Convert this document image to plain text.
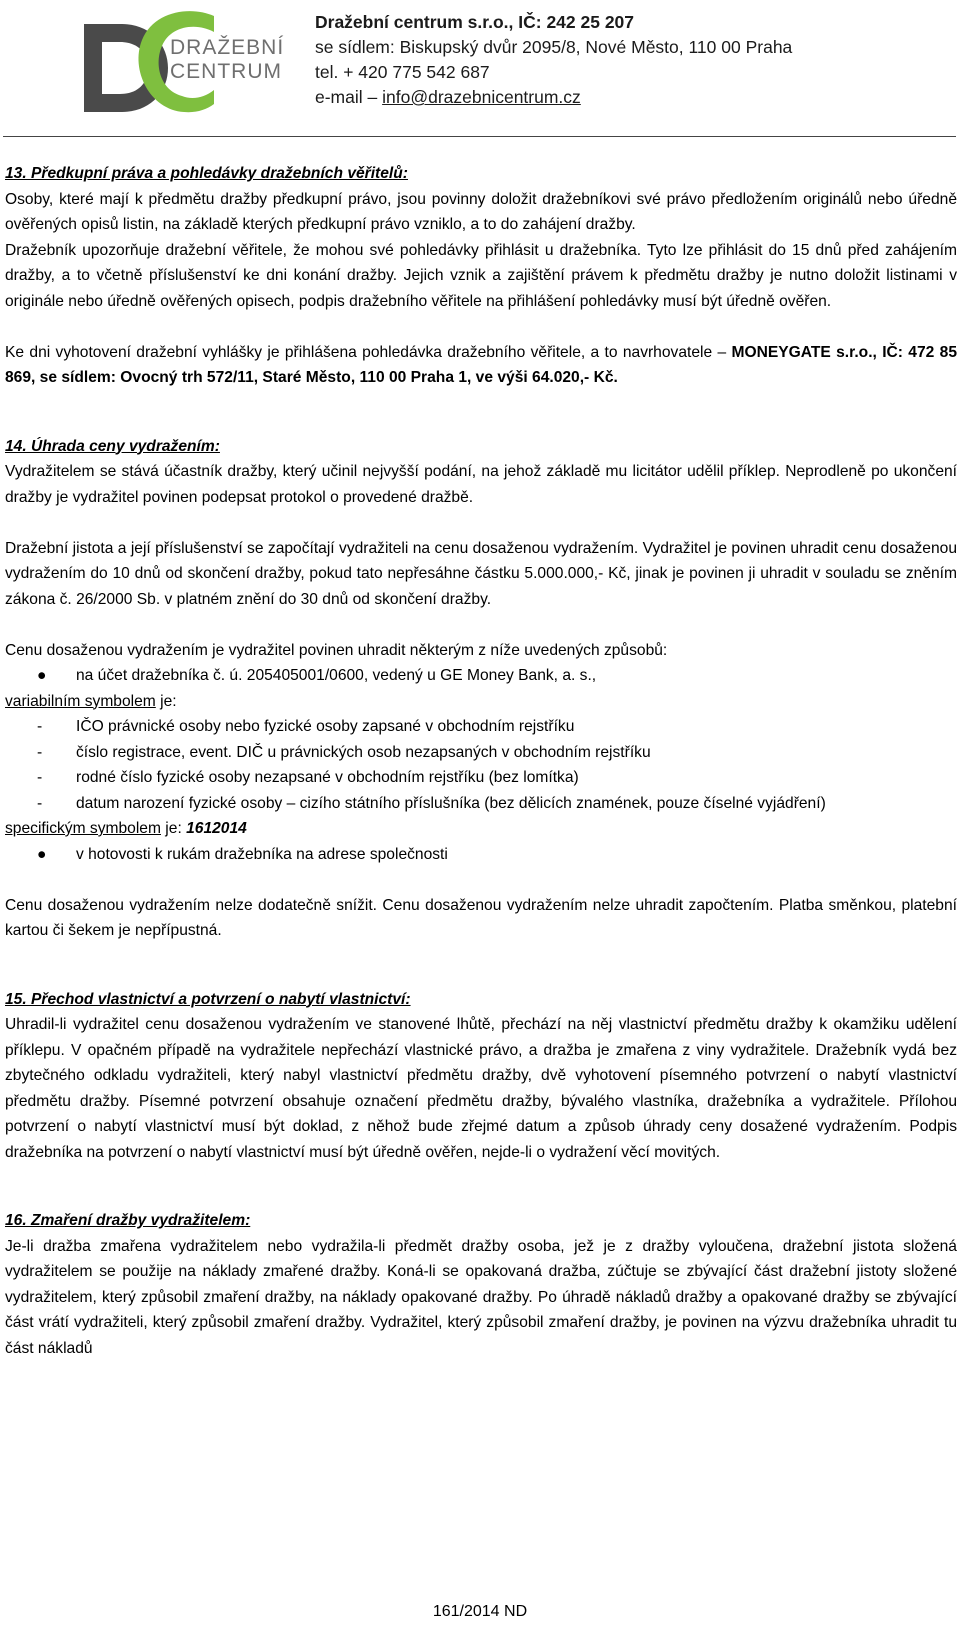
DRAŽEBNÍ
CENTRUM
Dražební centrum s.r.o., IČ: 242 25 207
se sídlem: Biskupský dvůr 2095/8, Nové Město, 110 00 Praha
tel. + 420 775 542 687
e-mail – info@drazebnicentrum.cz

13. Předkupní práva a pohledávky dražebních věřitelů:

Osoby, které mají k předmětu dražby předkupní právo, jsou povinny doložit dražebníkovi své právo předložením originálů nebo úředně ověřených opisů listin, na základě kterých předkupní právo vzniklo, a to do zahájení dražby.

Dražebník upozorňuje dražební věřitele, že mohou své pohledávky přihlásit u dražebníka. Tyto lze přihlásit do 15 dnů před zahájením dražby, a to včetně příslušenství ke dni konání dražby. Jejich vznik a zajištění právem k předmětu dražby je nutno doložit listinami v originále nebo úředně ověřených opisech, podpis dražebního věřitele na přihlášení pohledávky musí být úředně ověřen.

Ke dni vyhotovení dražební vyhlášky je přihlášena pohledávka dražebního věřitele, a to navrhovatele – MONEYGATE s.r.o., IČ: 472 85 869, se sídlem: Ovocný trh 572/11, Staré Město, 110 00 Praha 1, ve výši 64.020,- Kč.

14. Úhrada ceny vydražením:

Vydražitelem se stává účastník dražby, který učinil nejvyšší podání, na jehož základě mu licitátor udělil příklep. Neprodleně po ukončení dražby je vydražitel povinen podepsat protokol o provedené dražbě.

Dražební jistota a její příslušenství se započítají vydražiteli na cenu dosaženou vydražením. Vydražitel je povinen uhradit cenu dosaženou vydražením do 10 dnů od skončení dražby, pokud tato nepřesáhne částku 5.000.000,- Kč, jinak je povinen ji uhradit v souladu se zněním zákona č. 26/2000 Sb. v platném znění do 30 dnů od skončení dražby.

Cenu dosaženou vydražením je vydražitel povinen uhradit některým z níže uvedených způsobů:

● na účet dražebníka č. ú. 205405001/0600, vedený u GE Money Bank, a. s.,

variabilním symbolem je:

- IČO právnické osoby nebo fyzické osoby zapsané v obchodním rejstříku

- číslo registrace, event. DIČ u právnických osob nezapsaných v obchodním rejstříku

- rodné číslo fyzické osoby nezapsané v obchodním rejstříku (bez lomítka)

- datum narození fyzické osoby – cizího státního příslušníka (bez dělicích znamének, pouze číselné vyjádření)

specifickým symbolem je: 1612014

● v hotovosti k rukám dražebníka na adrese společnosti

Cenu dosaženou vydražením nelze dodatečně snížit. Cenu dosaženou vydražením nelze uhradit započtením. Platba směnkou, platební kartou či šekem je nepřípustná.

15. Přechod vlastnictví a potvrzení o nabytí vlastnictví:

Uhradil-li vydražitel cenu dosaženou vydražením ve stanovené lhůtě, přechází na něj vlastnictví předmětu dražby k okamžiku udělení příklepu. V opačném případě na vydražitele nepřechází vlastnické právo, a dražba je zmařena z viny vydražitele. Dražebník vydá bez zbytečného odkladu vydražiteli, který nabyl vlastnictví předmětu dražby, dvě vyhotovení písemného potvrzení o nabytí vlastnictví předmětu dražby. Písemné potvrzení obsahuje označení předmětu dražby, bývalého vlastníka, dražebníka a vydražitele. Přílohou potvrzení o nabytí vlastnictví musí být doklad, z něhož bude zřejmé datum a způsob úhrady ceny dosažené vydražením. Podpis dražebníka na potvrzení o nabytí vlastnictví musí být úředně ověřen, nejde-li o vydražení věcí movitých.

16. Zmaření dražby vydražitelem:

Je-li dražba zmařena vydražitelem nebo vydražila-li předmět dražby osoba, jež je z dražby vyloučena, dražební jistota složená vydražitelem se použije na náklady zmařené dražby. Koná-li se opakovaná dražba, zúčtuje se zbývající část dražební jistoty složené vydražitelem, který způsobil zmaření dražby, na náklady opakované dražby. Po úhradě nákladů dražby a opakované dražby se zbývající část vrátí vydražiteli, který způsobil zmaření dražby. Vydražitel, který způsobil zmaření dražby, je povinen na výzvu dražebníka uhradit tu část nákladů

161/2014 ND
